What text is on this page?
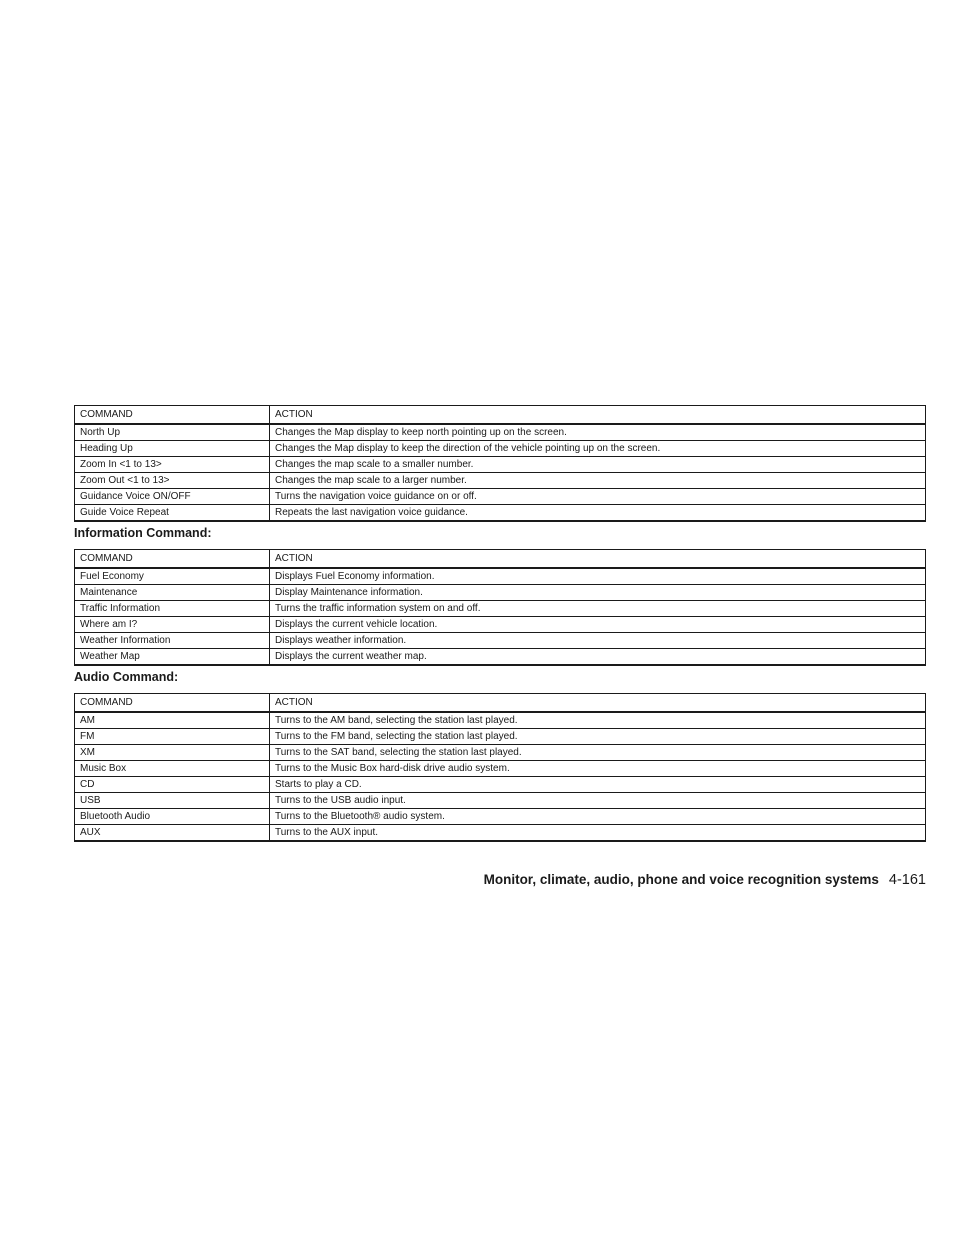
COMMAND	ACTION
North Up	Changes the Map display to keep north pointing up on the screen.
Heading Up	Changes the Map display to keep the direction of the vehicle pointing up on the screen.
Zoom In <1 to 13>	Changes the map scale to a smaller number.
Zoom Out <1 to 13>	Changes the map scale to a larger number.
Guidance Voice ON/OFF	Turns the navigation voice guidance on or off.
Guide Voice Repeat	Repeats the last navigation voice guidance.
Information Command:
COMMAND	ACTION
Fuel Economy	Displays Fuel Economy information.
Maintenance	Display Maintenance information.
Traffic Information	Turns the traffic information system on and off.
Where am I?	Displays the current vehicle location.
Weather Information	Displays weather information.
Weather Map	Displays the current weather map.
Audio Command:
COMMAND	ACTION
AM	Turns to the AM band, selecting the station last played.
FM	Turns to the FM band, selecting the station last played.
XM	Turns to the SAT band, selecting the station last played.
Music Box	Turns to the Music Box hard-disk drive audio system.
CD	Starts to play a CD.
USB	Turns to the USB audio input.
Bluetooth Audio	Turns to the Bluetooth® audio system.
AUX	Turns to the AUX input.
Monitor, climate, audio, phone and voice recognition systems 4-161
